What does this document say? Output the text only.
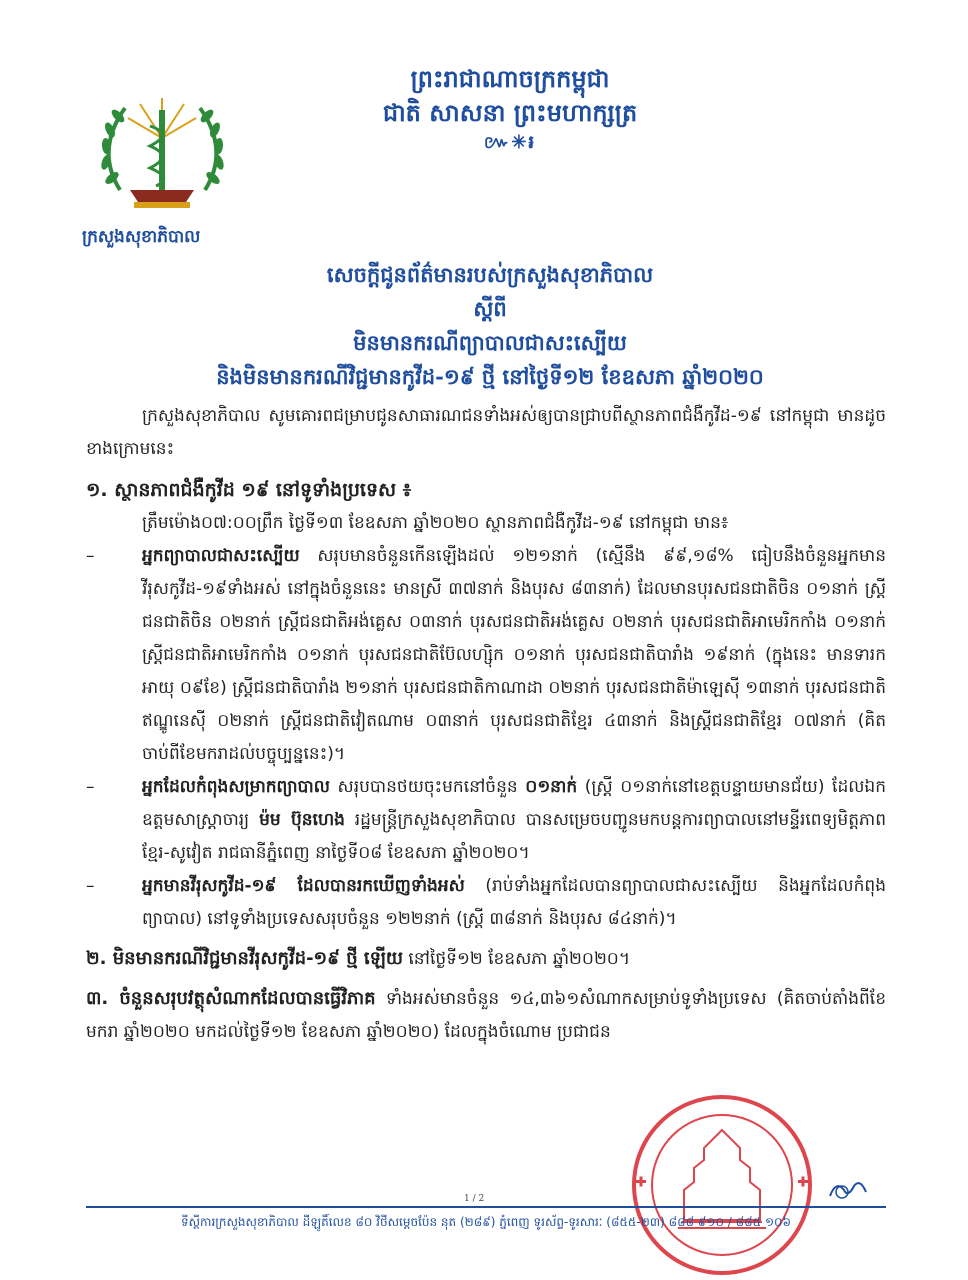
ព្រះរាជាណាចក្រកម្ពុជា
ជាតិ សាសនា ព្រះមហាក្សត្រ
៚✳៛
ក្រសួងសុខាភិបាល
សេចក្តីជូនព័ត៌មានរបស់ក្រសួងសុខាភិបាល
ស្តីពី
មិនមានករណីព្យាបាលជាសះស្បើយ
និងមិនមានករណីវិជ្ជមានកូវីដ-១៩ ថ្មី នៅថ្ងៃទី១២ ខែឧសភា ឆ្នាំ២០២០

ក្រសួងសុខាភិបាល សូមគោរពជម្រាបជូនសាធារណជនទាំងអស់ឲ្យបានជ្រាបពីស្ថានភាពជំងឺកូវីដ-១៩ នៅកម្ពុជា មានដូចខាងក្រោមនេះ

១. ស្ថានភាពជំងឺកូវីដ ១៩ នៅទូទាំងប្រទេស ៖

ត្រឹមម៉ោង០៧:០០ព្រឹក ថ្ងៃទី១៣ ខែឧសភា ឆ្នាំ២០២០ ស្ថានភាពជំងឺកូវីដ-១៩ នៅកម្ពុជា មាន៖

–	អ្នកព្យាបាលជាសះស្បើយ សរុបមានចំនួនកើនឡើងដល់ ១២១នាក់ (ស្មើនឹង ៩៩,១៨% ធៀបនឹងចំនួនអ្នកមានវីរុសកូវីដ-១៩ទាំងអស់ នៅក្នុងចំនួននេះ មានស្រី ៣៧នាក់ និងបុរស ៨៣នាក់) ដែលមានបុរសជនជាតិចិន ០១នាក់ ស្ត្រីជនជាតិចិន ០២នាក់ ស្ត្រីជនជាតិអង់គ្លេស ០៣នាក់ បុរសជនជាតិអង់គ្លេស ០២នាក់ បុរសជនជាតិអាមេរិកកាំង ០១នាក់ ស្ត្រីជនជាតិអាមេរិកកាំង ០១នាក់ បុរសជនជាតិប៊ែលហ្ស៊ិក ០១នាក់ បុរសជនជាតិបារាំង ១៩នាក់ (ក្នុងនេះ មានទារកអាយុ ០៩ខែ) ស្ត្រីជនជាតិបារាំង ២១នាក់ បុរសជនជាតិកាណាដា ០២នាក់ បុរសជនជាតិម៉ាឡេស៊ី ១៣នាក់ បុរសជនជាតិឥណ្ឌូនេស៊ី ០២នាក់ ស្ត្រីជនជាតិវៀតណាម ០៣នាក់ បុរសជនជាតិខ្មែរ ៤៣នាក់ និងស្ត្រីជនជាតិខ្មែរ ០៧នាក់ (គិតចាប់ពីខែមករាដល់បច្ចុប្បន្ននេះ)។

–	អ្នកដែលកំពុងសម្រាកព្យាបាល សរុបបានថយចុះមកនៅចំនួន ០១នាក់ (ស្ត្រី ០១នាក់នៅខេត្តបន្ទាយមានជ័យ) ដែលឯកឧត្តមសាស្ត្រាចារ្យ ម៉ម ប៊ុនហេង រដ្ឋមន្ត្រីក្រសួងសុខាភិបាល បានសម្រេចបញ្ជូនមកបន្តការព្យាបាលនៅមន្ទីរពេទ្យមិត្តភាពខ្មែរ-សូវៀត រាជធានីភ្នំពេញ នាថ្ងៃទី០៨ ខែឧសភា ឆ្នាំ២០២០។

–	អ្នកមានវីរុសកូវីដ-១៩ ដែលបានរកឃើញទាំងអស់ (រាប់ទាំងអ្នកដែលបានព្យាបាលជាសះស្បើយ និងអ្នកដែលកំពុងព្យាបាល) នៅទូទាំងប្រទេសសរុបចំនួន ១២២នាក់ (ស្ត្រី ៣៨នាក់ និងបុរស ៨៤នាក់)។

២. មិនមានករណីវិជ្ជមានវីរុសកូវីដ-១៩ ថ្មី ឡើយ នៅថ្ងៃទី១២ ខែឧសភា ឆ្នាំ២០២០។

៣. ចំនួនសរុបវត្ថុសំណាកដែលបានធ្វើវិភាគ ទាំងអស់មានចំនួន ១៤,៣៦១សំណាកសម្រាប់ទូទាំងប្រទេស (គិតចាប់តាំងពីខែមករា ឆ្នាំ២០២០ មកដល់ថ្ងៃទី១២ ខែឧសភា ឆ្នាំ២០២០) ដែលក្នុងចំណោម ប្រជាជន

1 / 2
ទីស្តីការក្រសួងសុខាភិបាល ដីឡូតិ៍លេខ ៨០ វិថីសម្តេចប៉ែន នុត (២៨៩) ភ្នំពេញ ទូរស័ព្ទ-ទូរសារៈ (៨៥៥-២៣) ៨៨៨ ៩១០ / ៨៨៥ ១០៦
